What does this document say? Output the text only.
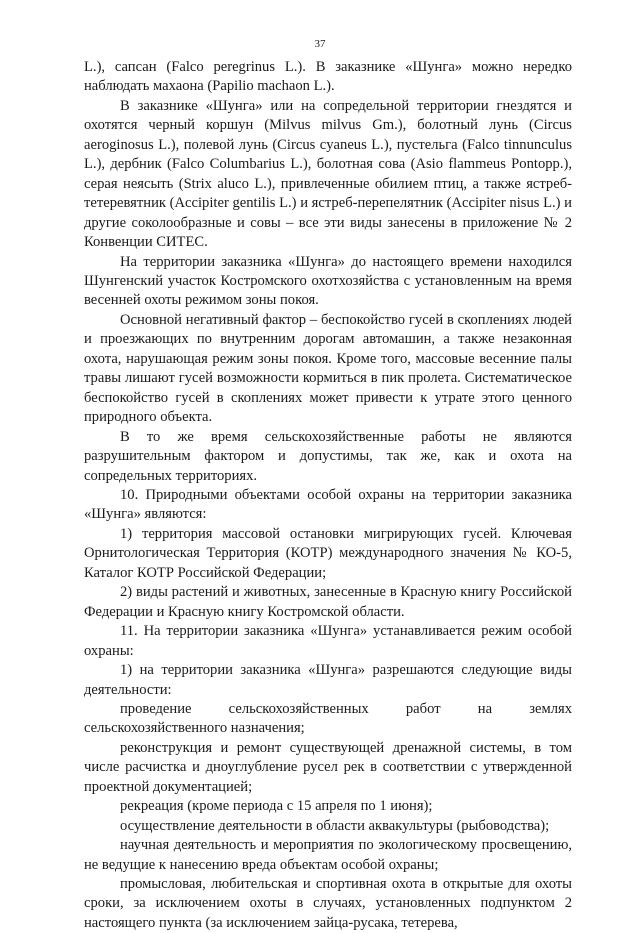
37

L.), сапсан (Falco peregrinus L.). В заказнике «Шунга» можно нередко наблюдать махаона (Papilio machaon L.).

В заказнике «Шунга» или на сопредельной территории гнездятся и охотятся черный коршун (Milvus milvus Gm.), болотный лунь (Circus aeroginosus L.), полевой лунь (Circus cyaneus L.), пустельга (Falco tinnunculus L.), дербник (Falco Columbarius L.), болотная сова (Asio flammeus Pontopp.), серая неясыть (Strix aluco L.), привлеченные обилием птиц, а также ястреб-тетеревятник (Accipiter gentilis L.) и ястреб-перепелятник (Accipiter nisus L.) и другие соколообразные и совы – все эти виды занесены в приложение № 2 Конвенции СИТЕС.

На территории заказника «Шунга» до настоящего времени находился Шунгенский участок Костромского охотхозяйства с установленным на время весенней охоты режимом зоны покоя.

Основной негативный фактор – беспокойство гусей в скоплениях людей и проезжающих по внутренним дорогам автомашин, а также незаконная охота, нарушающая режим зоны покоя. Кроме того, массовые весенние палы травы лишают гусей возможности кормиться в пик пролета. Систематическое беспокойство гусей в скоплениях может привести к утрате этого ценного природного объекта.

В то же время сельскохозяйственные работы не являются разрушительным фактором и допустимы, так же, как и охота на сопредельных территориях.

10. Природными объектами особой охраны на территории заказника «Шунга» являются:

1) территория массовой остановки мигрирующих гусей. Ключевая Орнитологическая Территория (КОТР) международного значения № КО-5, Каталог КОТР Российской Федерации;

2) виды растений и животных, занесенные в Красную книгу Российской Федерации и Красную книгу Костромской области.

11. На территории заказника «Шунга» устанавливается режим особой охраны:

1) на территории заказника «Шунга» разрешаются следующие виды деятельности:

проведение сельскохозяйственных работ на землях сельскохозяйственного назначения;

реконструкция и ремонт существующей дренажной системы, в том числе расчистка и дноуглубление русел рек в соответствии с утвержденной проектной документацией;

рекреация (кроме периода с 15 апреля по 1 июня);

осуществление деятельности в области аквакультуры (рыбоводства);

научная деятельность и мероприятия по экологическому просвещению, не ведущие к нанесению вреда объектам особой охраны;

промысловая, любительская и спортивная охота в открытые для охоты сроки, за исключением охоты в случаях, установленных подпунктом 2 настоящего пункта (за исключением зайца-русака, тетерева,
